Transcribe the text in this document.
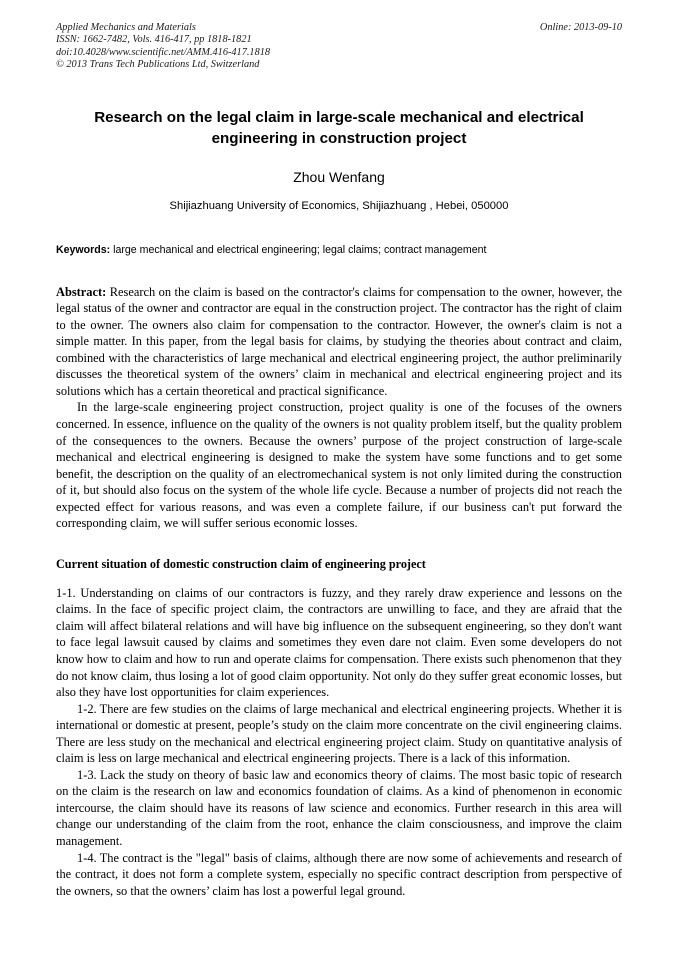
Applied Mechanics and Materials
ISSN: 1662-7482, Vols. 416-417, pp 1818-1821
doi:10.4028/www.scientific.net/AMM.416-417.1818
© 2013 Trans Tech Publications Ltd, Switzerland
Online: 2013-09-10
Research on the legal claim in large-scale mechanical and electrical engineering in construction project
Zhou Wenfang
Shijiazhuang University of Economics, Shijiazhuang , Hebei, 050000
Keywords: large mechanical and electrical engineering; legal claims; contract management

Abstract: Research on the claim is based on the contractor's claims for compensation to the owner, however, the legal status of the owner and contractor are equal in the construction project. The contractor has the right of claim to the owner. The owners also claim for compensation to the contractor. However, the owner's claim is not a simple matter. In this paper, from the legal basis for claims, by studying the theories about contract and claim, combined with the characteristics of large mechanical and electrical engineering project, the author preliminarily discusses the theoretical system of the owners’ claim in mechanical and electrical engineering project and its solutions which has a certain theoretical and practical significance.

In the large-scale engineering project construction, project quality is one of the focuses of the owners concerned. In essence, influence on the quality of the owners is not quality problem itself, but the quality problem of the consequences to the owners. Because the owners’ purpose of the project construction of large-scale mechanical and electrical engineering is designed to make the system have some functions and to get some benefit, the description on the quality of an electromechanical system is not only limited during the construction of it, but should also focus on the system of the whole life cycle. Because a number of projects did not reach the expected effect for various reasons, and was even a complete failure, if our business can't put forward the corresponding claim, we will suffer serious economic losses.

Current situation of domestic construction claim of engineering project

1-1. Understanding on claims of our contractors is fuzzy, and they rarely draw experience and lessons on the claims. In the face of specific project claim, the contractors are unwilling to face, and they are afraid that the claim will affect bilateral relations and will have big influence on the subsequent engineering, so they don't want to face legal lawsuit caused by claims and sometimes they even dare not claim. Even some developers do not know how to claim and how to run and operate claims for compensation. There exists such phenomenon that they do not know claim, thus losing a lot of good claim opportunity. Not only do they suffer great economic losses, but also they have lost opportunities for claim experiences.

1-2. There are few studies on the claims of large mechanical and electrical engineering projects. Whether it is international or domestic at present, people’s study on the claim more concentrate on the civil engineering claims. There are less study on the mechanical and electrical engineering project claim. Study on quantitative analysis of claim is less on large mechanical and electrical engineering projects. There is a lack of this information.

1-3. Lack the study on theory of basic law and economics theory of claims. The most basic topic of research on the claim is the research on law and economics foundation of claims. As a kind of phenomenon in economic intercourse, the claim should have its reasons of law science and economics. Further research in this area will change our understanding of the claim from the root, enhance the claim consciousness, and improve the claim management.

1-4. The contract is the "legal" basis of claims, although there are now some of achievements and research of the contract, it does not form a complete system, especially no specific contract description from perspective of the owners, so that the owners’ claim has lost a powerful legal ground.
